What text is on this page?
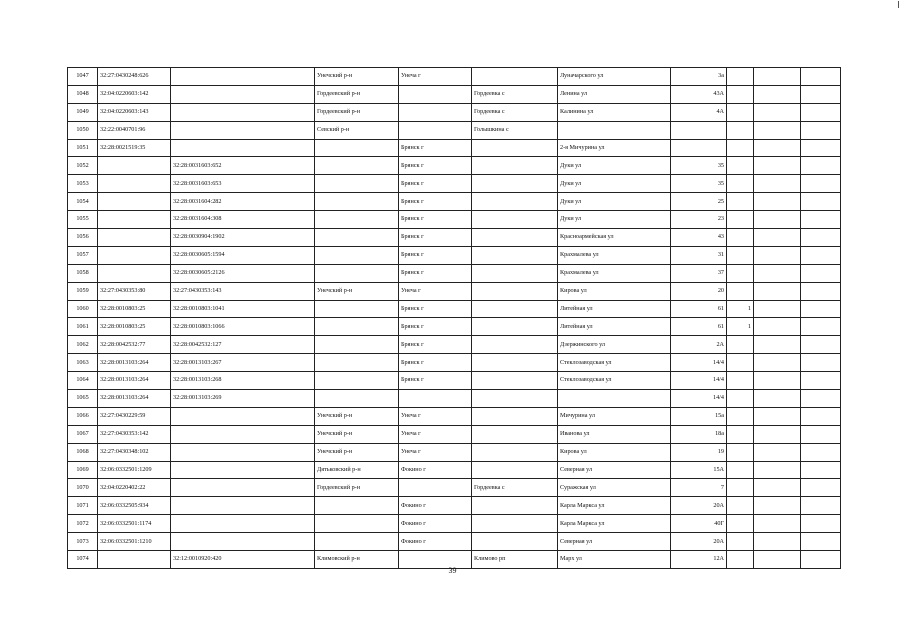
1047	32:27:0430248:626		Унечский р-н	Унеча г		Луначарского ул	3а			
1048	32:04:0220603:142		Гордеевский р-н		Гордеевка с	Ленина ул	43А			
1049	32:04:0220603:143		Гордеевский р-н		Гордеевка с	Калинина ул	4А			
1050	32:22:0040701:96		Севский р-н		Голышкина с					
1051	32:28:0021519:35			Брянск г		2-я Мичурина ул				
1052		32:28:0031603:652		Брянск г		Дуки ул	35			
1053		32:28:0031603:653		Брянск г		Дуки ул	35			
1054		32:28:0031604:282		Брянск г		Дуки ул	25			
1055		32:28:0031604:308		Брянск г		Дуки ул	23			
1056		32:28:0030904:1902		Брянск г		Красноармейская ул	43			
1057		32:28:0030605:1594		Брянск г		Крахмалева ул	31			
1058		32:28:0030605:2126		Брянск г		Крахмалева ул	37			
1059	32:27:0430353:80	32:27:0430353:143	Унечский р-н	Унеча г		Кирова ул	20			
1060	32:28:0010803:25	32:28:0010803:1041		Брянск г		Литейная ул	61	1		
1061	32:28:0010803:25	32:28:0010803:1066		Брянск г		Литейная ул	61	1		
1062	32:28:0042532:77	32:28:0042532:127		Брянск г		Дзержинского ул	2А			
1063	32:28:0013103:264	32:28:0013103:267		Брянск г		Стеклозаводская ул	14/4			
1064	32:28:0013103:264	32:28:0013103:268		Брянск г		Стеклозаводская ул	14/4			
1065	32:28:0013103:264	32:28:0013103:269					14/4			
1066	32:27:0430229:59		Унечский р-н	Унеча г		Мичурина ул	15а			
1067	32:27:0430353:142		Унечский р-н	Унеча г		Иванова ул	18а			
1068	32:27:0430348:102		Унечский р-н	Унеча г		Кирова ул	19			
1069	32:06:0332501:1209		Дятьковский р-н	Фокино г		Северная ул	15А			
1070	32:04:0220402:22		Гордеевский р-н		Гордеевка с	Суражская ул	7			
1071	32:06:0332505:934			Фокино г		Карла Маркса ул	20А			
1072	32:06:0332501:1174			Фокино г		Карла Маркса ул	40Г			
1073	32:06:0332501:1210			Фокино г		Северная ул	20А			
1074		32:12:0010920:420	Климовский р-н		Климово рп	Марх ул	12А			
39
